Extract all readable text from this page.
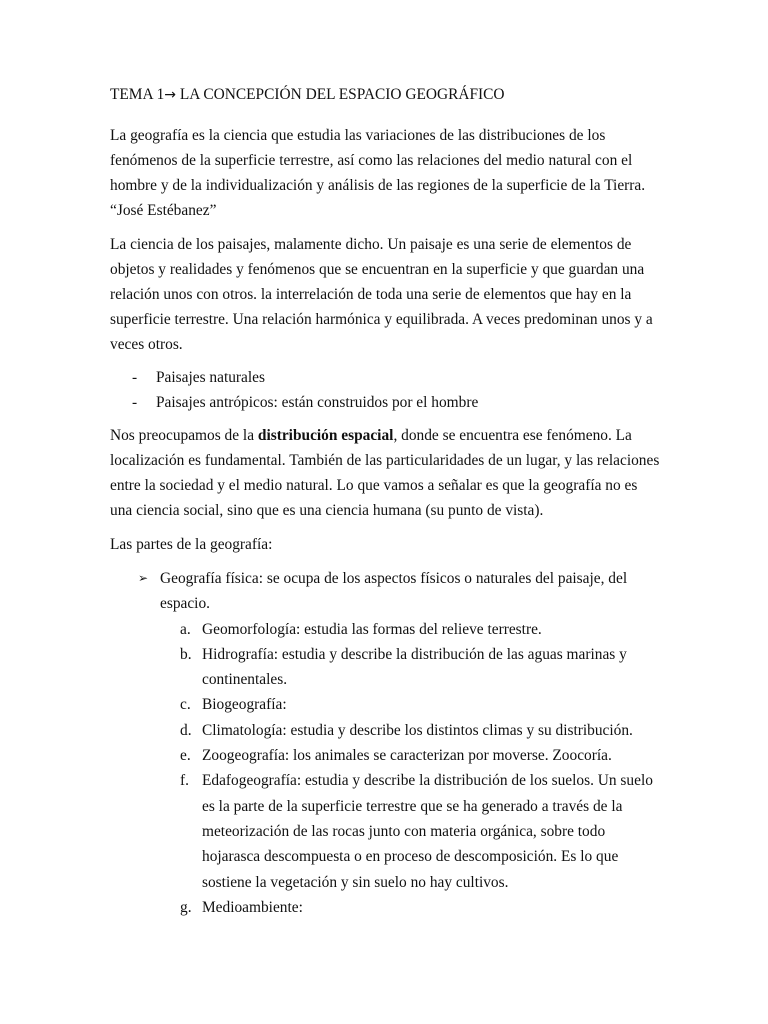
TEMA 1→ LA CONCEPCIÓN DEL ESPACIO GEOGRÁFICO
La geografía es la ciencia que estudia las variaciones de las distribuciones de los fenómenos de la superficie terrestre, así como las relaciones del medio natural con el hombre y de la individualización y análisis de las regiones de la superficie de la Tierra.
“José Estébanez”
La ciencia de los paisajes, malamente dicho. Un paisaje es una serie de elementos de objetos y realidades y fenómenos que se encuentran en la superficie y que guardan una relación unos con otros. la interrelación de toda una serie de elementos que hay en la superficie terrestre. Una relación harmónica y equilibrada. A veces predominan unos y a veces otros.
- Paisajes naturales
- Paisajes antrópicos: están construidos por el hombre
Nos preocupamos de la distribución espacial, donde se encuentra ese fenómeno. La localización es fundamental. También de las particularidades de un lugar, y las relaciones entre la sociedad y el medio natural. Lo que vamos a señalar es que la geografía no es una ciencia social, sino que es una ciencia humana (su punto de vista).
Las partes de la geografía:
➢ Geografía física: se ocupa de los aspectos físicos o naturales del paisaje, del espacio.
a. Geomorfología: estudia las formas del relieve terrestre.
b. Hidrografía: estudia y describe la distribución de las aguas marinas y continentales.
c. Biogeografía:
d. Climatología: estudia y describe los distintos climas y su distribución.
e. Zoogeografía: los animales se caracterizan por moverse. Zoocoría.
f. Edafogeografía: estudia y describe la distribución de los suelos. Un suelo es la parte de la superficie terrestre que se ha generado a través de la meteorización de las rocas junto con materia orgánica, sobre todo hojarasca descompuesta o en proceso de descomposición. Es lo que sostiene la vegetación y sin suelo no hay cultivos.
g. Medioambiente:
